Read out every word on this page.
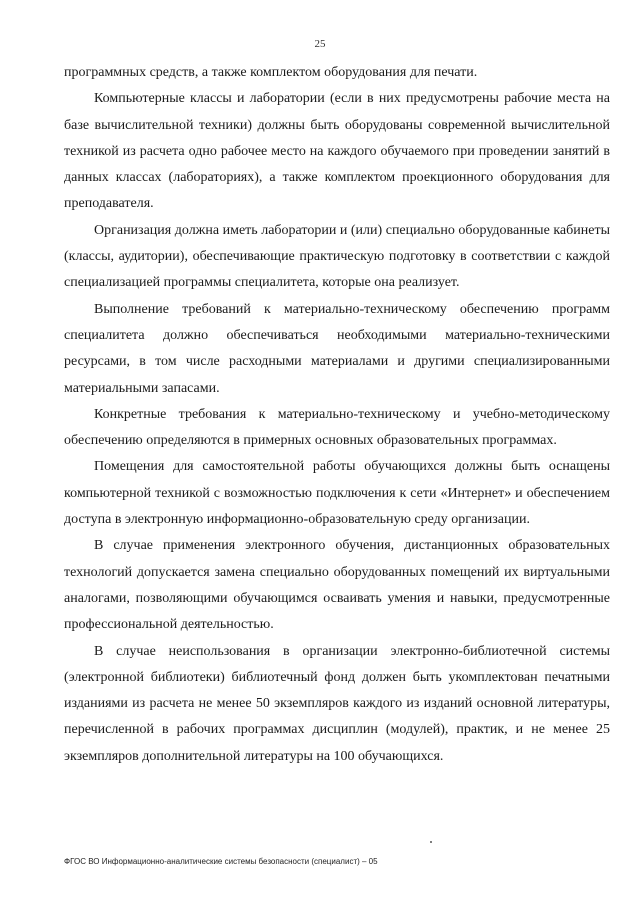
25

программных средств, а также комплектом оборудования для печати.

Компьютерные классы и лаборатории (если в них предусмотрены рабочие места на базе вычислительной техники) должны быть оборудованы современной вычислительной техникой из расчета одно рабочее место на каждого обучаемого при проведении занятий в данных классах (лабораториях), а также комплектом проекционного оборудования для преподавателя.

Организация должна иметь лаборатории и (или) специально оборудованные кабинеты (классы, аудитории), обеспечивающие практическую подготовку в соответствии с каждой специализацией программы специалитета, которые она реализует.

Выполнение требований к материально-техническому обеспечению программ специалитета должно обеспечиваться необходимыми материально-техническими ресурсами, в том числе расходными материалами и другими специализированными материальными запасами.

Конкретные требования к материально-техническому и учебно-методическому обеспечению определяются в примерных основных образовательных программах.

Помещения для самостоятельной работы обучающихся должны быть оснащены компьютерной техникой с возможностью подключения к сети «Интернет» и обеспечением доступа в электронную информационно-образовательную среду организации.

В случае применения электронного обучения, дистанционных образовательных технологий допускается замена специально оборудованных помещений их виртуальными аналогами, позволяющими обучающимся осваивать умения и навыки, предусмотренные профессиональной деятельностью.

В случае неиспользования в организации электронно-библиотечной системы (электронной библиотеки) библиотечный фонд должен быть укомплектован печатными изданиями из расчета не менее 50 экземпляров каждого из изданий основной литературы, перечисленной в рабочих программах дисциплин (модулей), практик, и не менее 25 экземпляров дополнительной литературы на 100 обучающихся.

ФГОС ВО Информационно-аналитические системы безопасности (специалист) – 05
